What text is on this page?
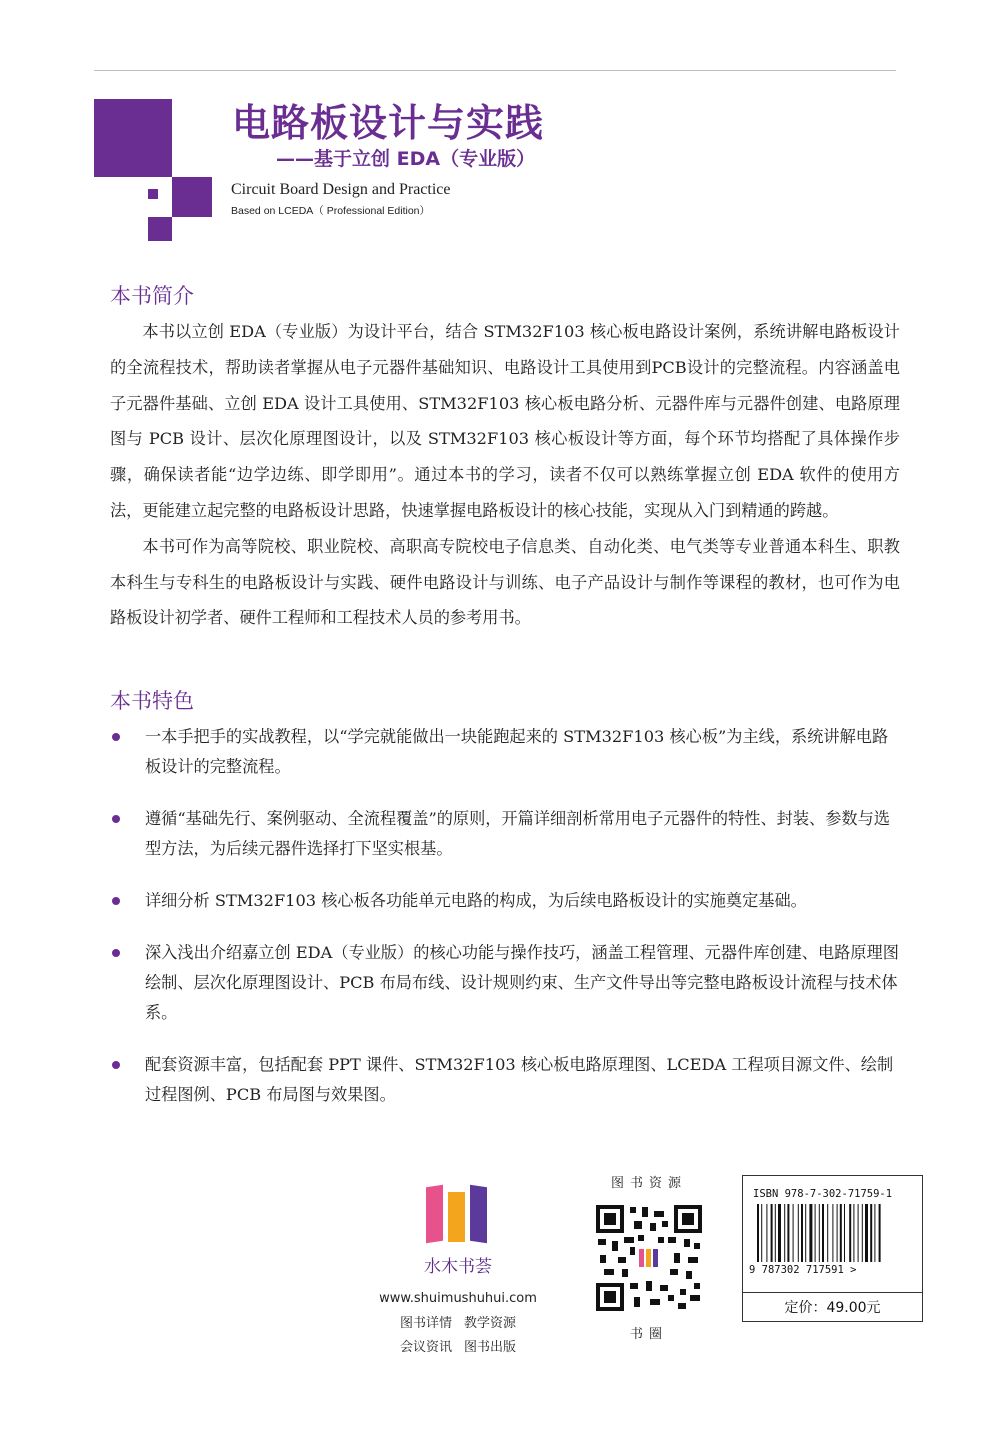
电路板设计与实践
——基于立创 EDA（专业版）
Circuit Board Design and Practice
Based on LCEDA（ Professional Edition）
本书简介

本书以立创 EDA（专业版）为设计平台，结合 STM32F103 核心板电路设计案例，系统讲解电路板设计的全流程技术，帮助读者掌握从电子元器件基础知识、电路设计工具使用到PCB设计的完整流程。内容涵盖电子元器件基础、立创 EDA 设计工具使用、STM32F103 核心板电路分析、元器件库与元器件创建、电路原理图与 PCB 设计、层次化原理图设计，以及 STM32F103 核心板设计等方面，每个环节均搭配了具体操作步骤，确保读者能“边学边练、即学即用”。通过本书的学习，读者不仅可以熟练掌握立创 EDA 软件的使用方法，更能建立起完整的电路板设计思路，快速掌握电路板设计的核心技能，实现从入门到精通的跨越。

本书可作为高等院校、职业院校、高职高专院校电子信息类、自动化类、电气类等专业普通本科生、职教本科生与专科生的电路板设计与实践、硬件电路设计与训练、电子产品设计与制作等课程的教材，也可作为电路板设计初学者、硬件工程师和工程技术人员的参考用书。

本书特色
一本手把手的实战教程，以“学完就能做出一块能跑起来的 STM32F103 核心板”为主线，系统讲解电路板设计的完整流程。
遵循“基础先行、案例驱动、全流程覆盖”的原则，开篇详细剖析常用电子元器件的特性、封装、参数与选型方法，为后续元器件选择打下坚实根基。
详细分析 STM32F103 核心板各功能单元电路的构成，为后续电路板设计的实施奠定基础。
深入浅出介绍嘉立创 EDA（专业版）的核心功能与操作技巧，涵盖工程管理、元器件库创建、电路原理图绘制、层次化原理图设计、PCB 布局布线、设计规则约束、生产文件导出等完整电路板设计流程与技术体系。
配套资源丰富，包括配套 PPT 课件、STM32F103 核心板电路原理图、LCEDA 工程项目源文件、绘制过程图例、PCB 布局图与效果图。
水木书荟
www.shuimushuhui.com
图书详情 教学资源
会议资讯 图书出版
图书资源
书圈
ISBN 978-7-302-71759-1
9 787302 717591 >
定价：49.00元
